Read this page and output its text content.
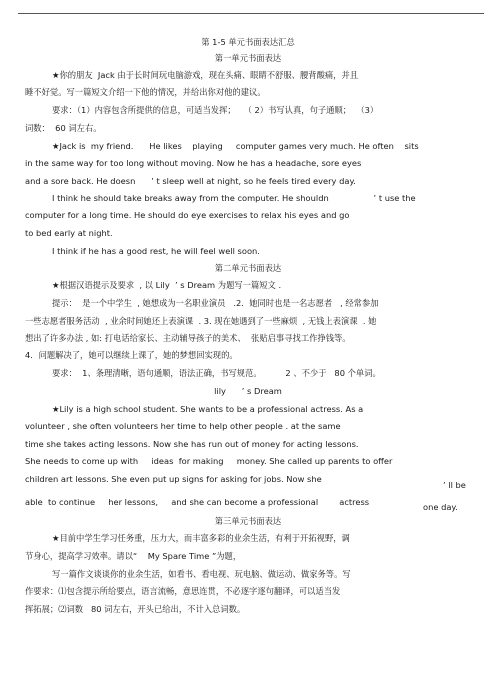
第 1-5 单元书面表达汇总
第一单元书面表达
★你的朋友  Jack 由于长时间玩电脑游戏，现在头痛、眼睛不舒服、腰背酸痛，并且
睡不好觉。写一篇短文介绍一下他的情况，并给出你对他的建议。
要求：（1）内容包含所提供的信息，可适当发挥；   （ 2）书写认真，句子通顺；  （3）
词数：  60 词左右。
★Jack is  my friend.      He likes    playing     computer games very much. He often    sits
in the same way for too long without moving. Now he has a headache, sore eyes
and a sore back. He doesn      ’ t sleep well at night, so he feels tired every day.
I think he should take breaks away from the computer. He shouldn                 ’ t use the
computer for a long time. He should do eye exercises to relax his eyes and go
to bed early at night.
I think if he has a good rest, he will feel well soon.
第二单元书面表达
★根据汉语提示及要求  , 以 Lily  ’ s Dream 为题写一篇短文 .
提示：  是一个中学生  , 她想成为一名职业演员   .2.  她同时也是一名志愿者   , 经常参加
一些志愿者服务活动  , 业余时间她还上表演课  . 3. 现在她遇到了一些麻烦  , 无钱上表演课  . 她
想出了许多办法 , 如: 打电话给家长、主动辅导孩子的美术、  张贴启事寻找工作挣钱等。
4．问题解决了，她可以继续上课了，她的梦想回实现的。
要求：  1、条理清晰，语句通顺，语法正确，书写规范。         2 、不少于   80 个单词。
lily      ’ s Dream
★Lily is a high school student. She wants to be a professional actress. As a
volunteer , she often volunteers her time to help other people . at the same
time she takes acting lessons. Now she has run out of money for acting lessons.
She needs to come up with     ideas  for making     money. She called up parents to offer
children art lessons. She even put up signs for asking for jobs. Now she
’ ll be
able  to continue     her lessons,     and she can become a professional        actress	one day.
第三单元书面表达
★目前中学生学习任务重，压力大，而丰富多彩的业余生活，有利于开拓视野，调
节身心，提高学习效率。请以“    My Spare Time ”为题，
写一篇作文谈谈你的业余生活，如看书、看电视、玩电脑、做运动、做家务等。写
作要求：⑴包含提示所给要点，语言流畅，意思连贯，不必逐字逐句翻译，可以适当发
挥拓展；⑵词数   80 词左右，开头已给出，不计入总词数。
